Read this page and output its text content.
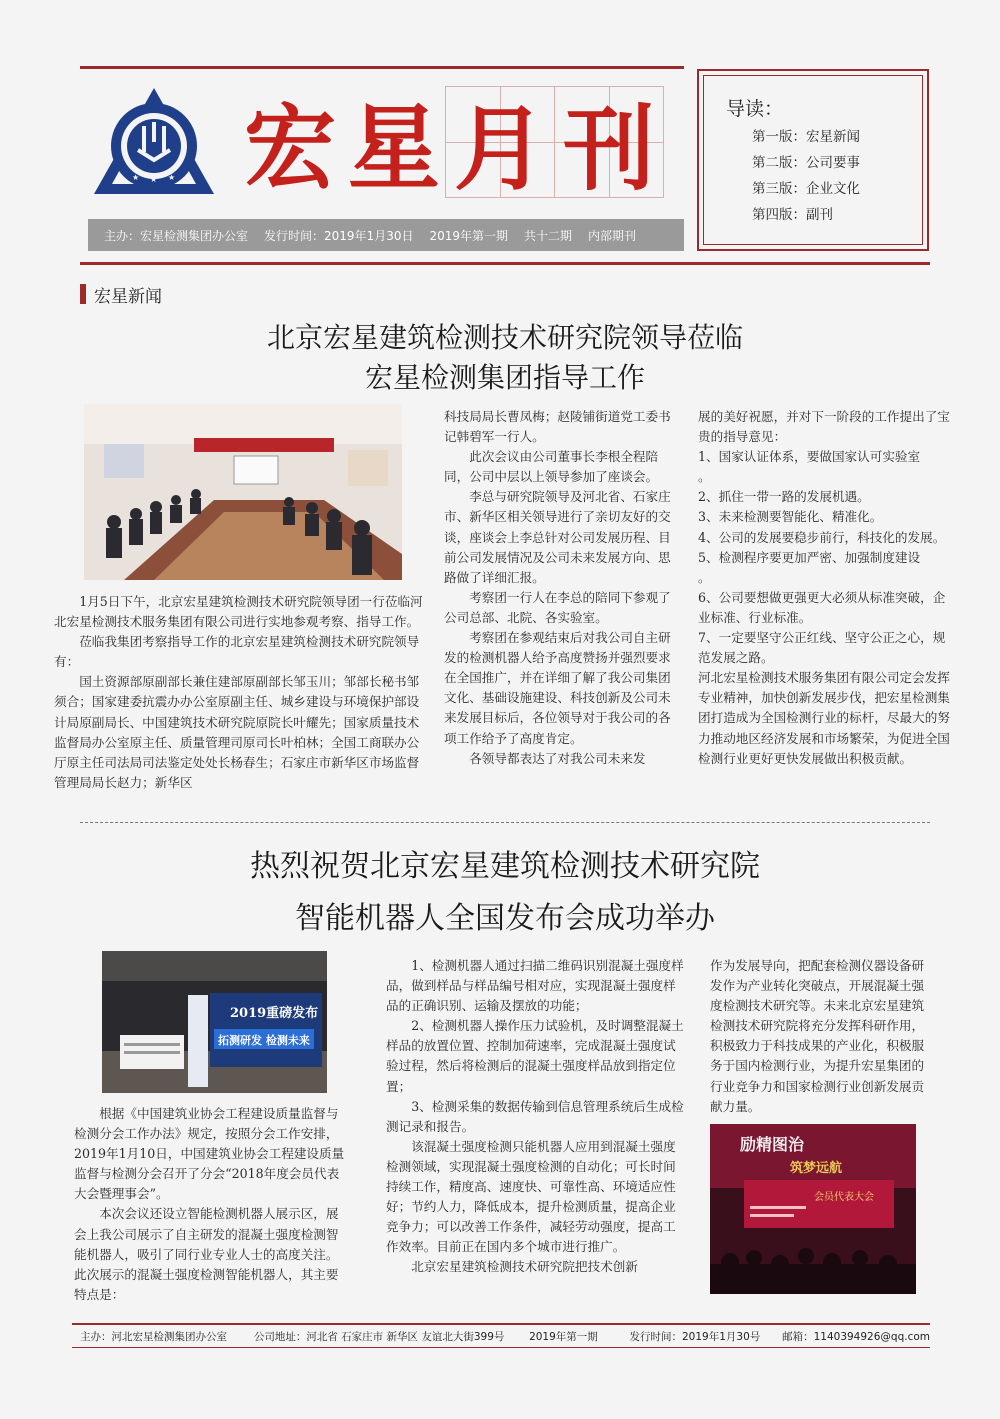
★ ★ ★ 宏 星 月 刊
主办：宏星检测集团办公室 发行时间：2019年1月30日 2019年第一期 共十二期 内部期刊
导读：
第一版：宏星新闻
第二版：公司要事
第三版：企业文化
第四版：副刊
宏星新闻
北京宏星建筑检测技术研究院领导莅临
宏星检测集团指导工作

1月5日下午，北京宏星建筑检测技术研究院领导团一行莅临河北宏星检测技术服务集团有限公司进行实地参观考察、指导工作。

莅临我集团考察指导工作的北京宏星建筑检测技术研究院领导有：

国土资源部原副部长兼住建部原副部长邹玉川；邹部长秘书邹须合；国家建委抗震办办公室原副主任、城乡建设与环境保护部设计局原副局长、中国建筑技术研究院原院长叶耀先；国家质量技术监督局办公室原主任、质量管理司原司长叶柏林；全国工商联办公厅原主任司法局司法鉴定处处长杨春生；石家庄市新华区市场监督管理局局长赵力；新华区

科技局局长曹凤梅；赵陵铺街道党工委书记韩碧军一行人。

此次会议由公司董事长李根全程陪同，公司中层以上领导参加了座谈会。

李总与研究院领导及河北省、石家庄市、新华区相关领导进行了亲切友好的交谈，座谈会上李总针对公司发展历程、目前公司发展情况及公司未来发展方向、思路做了详细汇报。

考察团一行人在李总的陪同下参观了公司总部、北院、各实验室。

考察团在参观结束后对我公司自主研发的检测机器人给予高度赞扬并强烈要求在全国推广，并在详细了解了我公司集团文化、基础设施建设、科技创新及公司未来发展目标后，各位领导对于我公司的各项工作给予了高度肯定。

各领导都表达了对我公司未来发

展的美好祝愿，并对下一阶段的工作提出了宝贵的指导意见：

1、国家认证体系，要做国家认可实验室

。

2、抓住一带一路的发展机遇。

3、未来检测要智能化、精准化。

4、公司的发展要稳步前行，科技化的发展。

5、检测程序要更加严密、加强制度建设

。

6、公司要想做更强更大必须从标准突破，企业标准、行业标准。

7、一定要坚守公正红线、坚守公正之心，规范发展之路。

河北宏星检测技术服务集团有限公司定会发挥专业精神，加快创新发展步伐，把宏星检测集团打造成为全国检测行业的标杆，尽最大的努力推动地区经济发展和市场繁荣，为促进全国检测行业更好更快发展做出积极贡献。

热烈祝贺北京宏星建筑检测技术研究院
智能机器人全国发布会成功举办
2019重磅发布
拓测研发 检测未来

根据《中国建筑业协会工程建设质量监督与检测分会工作办法》规定，按照分会工作安排，2019年1月10日，中国建筑业协会工程建设质量监督与检测分会召开了分会“2018年度会员代表大会暨理事会”。

本次会议还设立智能检测机器人展示区，展会上我公司展示了自主研发的混凝土强度检测智能机器人，吸引了同行业专业人士的高度关注。此次展示的混凝土强度检测智能机器人，其主要特点是：

1、检测机器人通过扫描二维码识别混凝土强度样品，做到样品与样品编号相对应，实现混凝土强度样品的正确识别、运输及摆放的功能；

2、检测机器人操作压力试验机，及时调整混凝土样品的放置位置、控制加荷速率，完成混凝土强度试验过程，然后将检测后的混凝土强度样品放到指定位置；

3、检测采集的数据传输到信息管理系统后生成检测记录和报告。

该混凝土强度检测只能机器人应用到混凝土强度检测领域，实现混凝土强度检测的自动化；可长时间持续工作，精度高、速度快、可靠性高、环境适应性好；节约人力，降低成本，提升检测质量，提高企业竞争力；可以改善工作条件，减轻劳动强度，提高工作效率。目前正在国内多个城市进行推广。

北京宏星建筑检测技术研究院把技术创新

作为发展导向，把配套检测仪器设备研发作为产业转化突破点，开展混凝土强度检测技术研究等。未来北京宏星建筑检测技术研究院将充分发挥科研作用，积极致力于科技成果的产业化，积极服务于国内检测行业，为提升宏星集团的行业竞争力和国家检测行业创新发展贡献力量。

励精图治
筑梦远航
会员代表大会
主办：河北宏星检测集团办公室	公司地址：河北省 石家庄市 新华区 友谊北大街399号	2019年第一期	发行时间：2019年1月30号	邮箱：1140394926@qq.com
